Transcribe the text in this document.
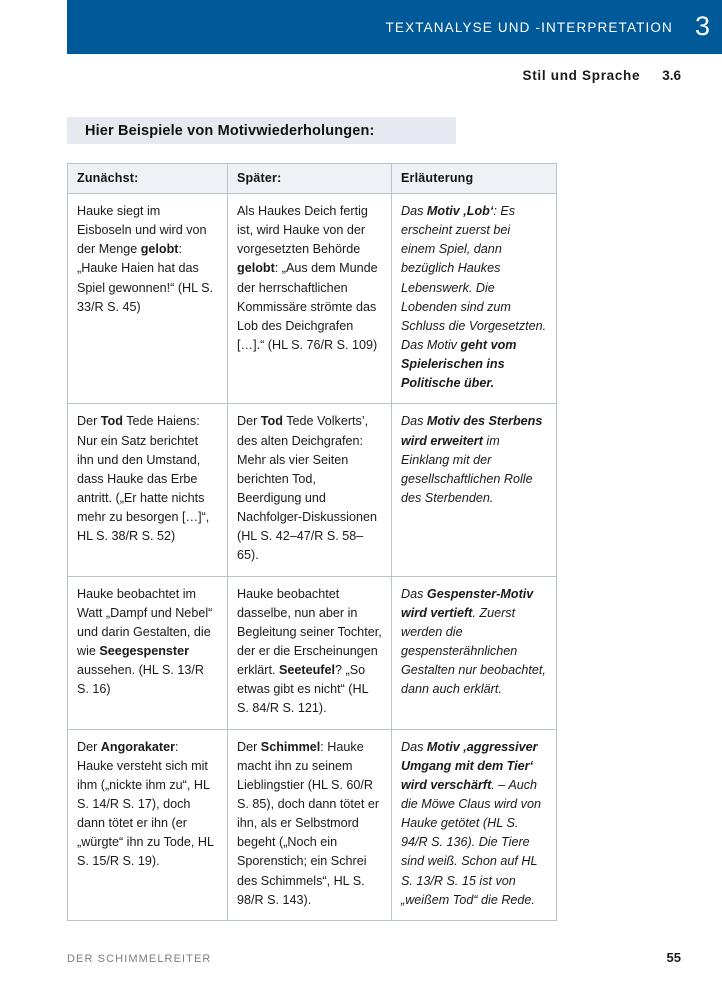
TEXTANALYSE UND -INTERPRETATION 3
Stil und Sprache 3.6
Hier Beispiele von Motivwiederholungen:
Zunächst:	Später:	Erläuterung

Hauke siegt im Eisboseln und wird von der Menge gelobt: „Hauke Haien hat das Spiel gewonnen!“ (HL S. 33/R S. 45)	Als Haukes Deich fertig ist, wird Hauke von der vorgesetzten Behörde gelobt: „Aus dem Munde der herrschaftlichen Kommissäre strömte das Lob des Deichgrafen […].“ (HL S. 76/R S. 109)	Das Motiv ‚Lob‘: Es erscheint zuerst bei einem Spiel, dann bezüglich Haukes Lebenswerk. Die Lobenden sind zum Schluss die Vorgesetzten. Das Motiv geht vom Spielerischen ins Politische über.

Der Tod Tede Haiens: Nur ein Satz berichtet ihn und den Umstand, dass Hauke das Erbe antritt. („Er hatte nichts mehr zu besorgen […]“, HL S. 38/R S. 52)	Der Tod Tede Volkerts’, des alten Deichgrafen: Mehr als vier Seiten berichten Tod, Beerdigung und Nachfolger-Diskussionen (HL S. 42–47/R S. 58–65).	Das Motiv des Sterbens wird erweitert im Einklang mit der gesellschaftlichen Rolle des Sterbenden.

Hauke beobachtet im Watt „Dampf und Nebel“ und darin Gestalten, die wie Seegespenster aussehen. (HL S. 13/R S. 16)	Hauke beobachtet dasselbe, nun aber in Begleitung seiner Tochter, der er die Erscheinungen erklärt. Seeteufel? „So etwas gibt es nicht“ (HL S. 84/R S. 121).	Das Gespenster-Motiv wird vertieft. Zuerst werden die gespensterähnlichen Gestalten nur beobachtet, dann auch erklärt.

Der Angorakater: Hauke versteht sich mit ihm („nickte ihm zu“, HL S. 14/R S. 17), doch dann tötet er ihn (er „würgte“ ihn zu Tode, HL S. 15/R S. 19).	Der Schimmel: Hauke macht ihn zu seinem Lieblingstier (HL S. 60/R S. 85), doch dann tötet er ihn, als er Selbstmord begeht („Noch ein Sporenstich; ein Schrei des Schimmels“, HL S. 98/R S. 143).	Das Motiv ‚aggressiver Umgang mit dem Tier‘ wird verschärft. – Auch die Möwe Claus wird von Hauke getötet (HL S. 94/R S. 136). Die Tiere sind weiß. Schon auf HL S. 13/R S. 15 ist von „weißem Tod“ die Rede.
DER SCHIMMELREITER	55
